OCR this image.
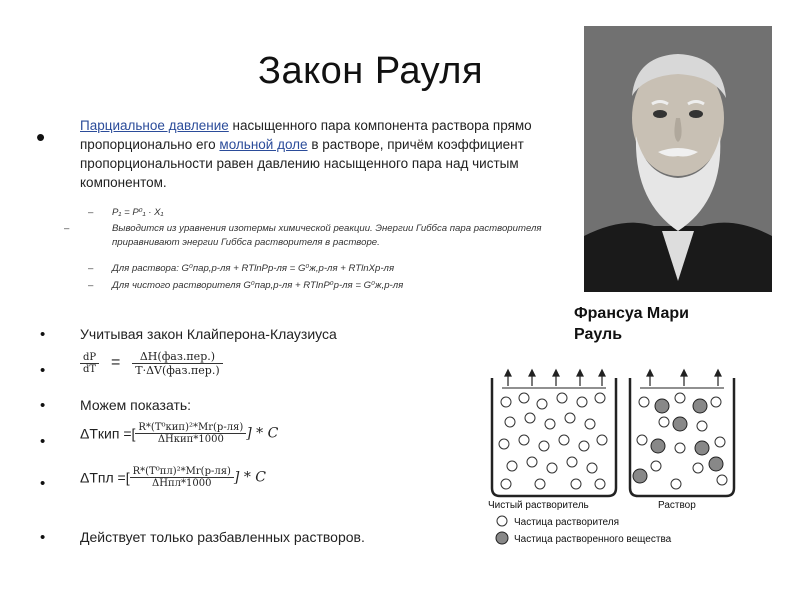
Закон Рауля
•	Парциальное давление насыщенного пара компонента раствора прямо пропорционально его мольной доле в растворе, причём коэффициент пропорциональности равен давлению насыщенного пара над чистым компонентом.
– P₁ = P⁰₁ · X₁
–	Выводится из уравнения изотермы химической реакции. Энергии Гиббса пара растворителя приравнивают энергии Гиббса растворителя в растворе.
– Для раствора: G⁰пар,р-ля + RTlnPр-ля = G⁰ж,р-ля + RTlnXр-ля
– Для чистого растворителя G⁰пар,р-ля + RTlnP⁰р-ля = G⁰ж,р-ля
• Учитывая закон Клайперона-Клаузиуса
•	$\frac{dP}{dT} = \frac{\text{ΔH(фаз.пер.)}}{\text{T·ΔV(фаз.пер.)}}$
• Можем показать:
• ΔTкип =[ $\frac{\text{R*(T⁰кип)²*Mr(р-ля)}}{\text{ΔHкип*1000}}$ ] * C
• ΔTпл =[ $\frac{\text{R*(T⁰пл)²*Mr(р-ля)}}{\text{ΔHпл*1000}}$ ] * C
• Действует только разбавленных растворов.
Франсуа Мари
Рауль
Чистый растворитель	Раствор
Частица растворителя
Частица растворенного вещества
